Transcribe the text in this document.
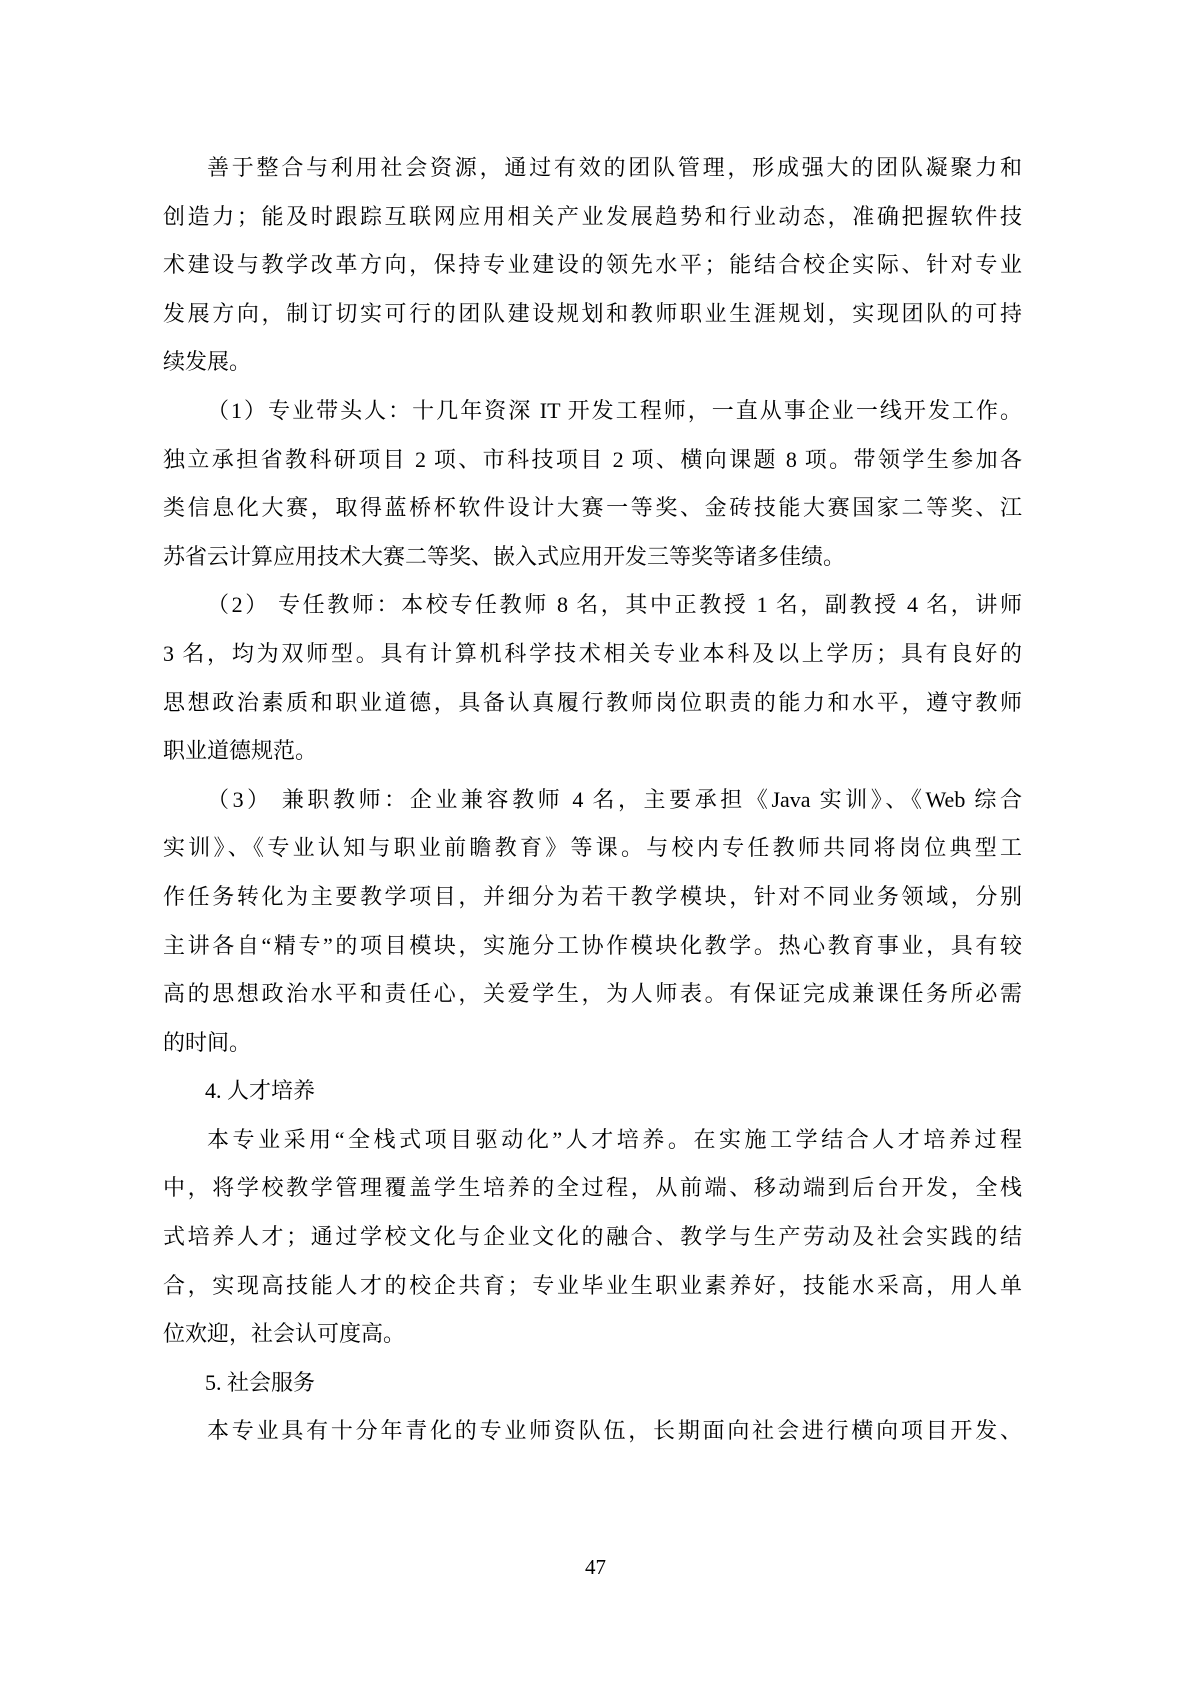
善于整合与利用社会资源，通过有效的团队管理，形成强大的团队凝聚力和
创造力；能及时跟踪互联网应用相关产业发展趋势和行业动态，准确把握软件技
术建设与教学改革方向，保持专业建设的领先水平；能结合校企实际、针对专业
发展方向，制订切实可行的团队建设规划和教师职业生涯规划，实现团队的可持
续发展。
（1）专业带头人：十几年资深 IT 开发工程师，一直从事企业一线开发工作。
独立承担省教科研项目 2 项、市科技项目 2 项、横向课题 8 项。带领学生参加各
类信息化大赛，取得蓝桥杯软件设计大赛一等奖、金砖技能大赛国家二等奖、江
苏省云计算应用技术大赛二等奖、嵌入式应用开发三等奖等诸多佳绩。
（2） 专任教师：本校专任教师 8 名，其中正教授 1 名，副教授 4 名，讲师
3 名，均为双师型。具有计算机科学技术相关专业本科及以上学历；具有良好的
思想政治素质和职业道德，具备认真履行教师岗位职责的能力和水平，遵守教师
职业道德规范。
（3） 兼职教师：企业兼容教师 4 名，主要承担《Java 实训》、《Web 综合
实训》、《专业认知与职业前瞻教育》等课。与校内专任教师共同将岗位典型工
作任务转化为主要教学项目，并细分为若干教学模块，针对不同业务领域，分别
主讲各自“精专”的项目模块，实施分工协作模块化教学。热心教育事业，具有较
高的思想政治水平和责任心，关爱学生，为人师表。有保证完成兼课任务所必需
的时间。
4. 人才培养
本专业采用“全栈式项目驱动化”人才培养。在实施工学结合人才培养过程
中，将学校教学管理覆盖学生培养的全过程，从前端、移动端到后台开发，全栈
式培养人才；通过学校文化与企业文化的融合、教学与生产劳动及社会实践的结
合，实现高技能人才的校企共育；专业毕业生职业素养好，技能水采高，用人单
位欢迎，社会认可度高。
5. 社会服务
本专业具有十分年青化的专业师资队伍，长期面向社会进行横向项目开发、
47
